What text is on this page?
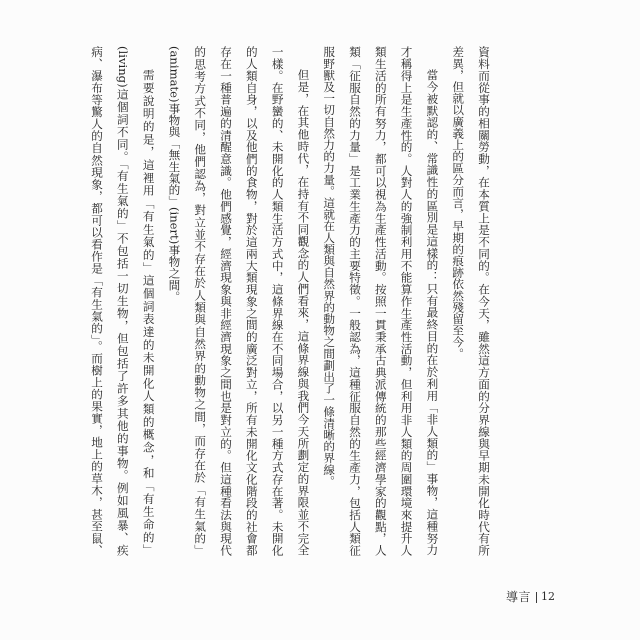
資料而從事的相關勞動，在本質上是不同的。在今天，雖然這方面的分界線與早期未開化時代有所
差異，但就以廣義上的區分而言，早期的痕跡依然殘留至今。
當今被默認的、常識性的區別是這樣的：只有最終目的在於利用「非人類的」事物，這種努力
才稱得上是生產性的。人對人的強制利用不能算作生產性活動，但利用非人類的周圍環境來提升人
類生活的所有努力，都可以視為生產性活動。按照一貫秉承古典派傳統的那些經濟學家的觀點，人
類「征服自然的力量」是工業生產力的主要特徵。一般認為，這種征服自然的生產力，包括人類征
服野獸及一切自然力的力量。這就在人類與自然界的動物之間劃出了一條清晰的界線。
但是，在其他時代，在持有不同觀念的人們看來，這條界線與我們今天所劃定的界限並不完全
一樣。在野蠻的、未開化的人類生活方式中，這條界線在不同場合，以另一種方式存在著。未開化
的人類自身，以及他們的食物，對於這兩大類現象之間的廣泛對立，所有未開化文化階段的社會都
存在一種普遍的清醒意識。他們感覺，經濟現象與非經濟現象之間也是對立的。但這種看法與現代
的思考方式不同，他們認為，對立並不存在於人類與自然界的動物之間，而存在於「有生氣的」
(animate)事物與「無生氣的」(inert)事物之間。
需要說明的是，這裡用「有生氣的」這個詞表達的未開化人類的概念，和「有生命的」
(living)這個詞不同。「有生氣的」不包括一切生物，但包括了許多其他的事物。例如風暴、疾
病、瀑布等驚人的自然現象，都可以看作是「有生氣的」。而樹上的果實，地上的草木，甚至鼠、
導言 12
